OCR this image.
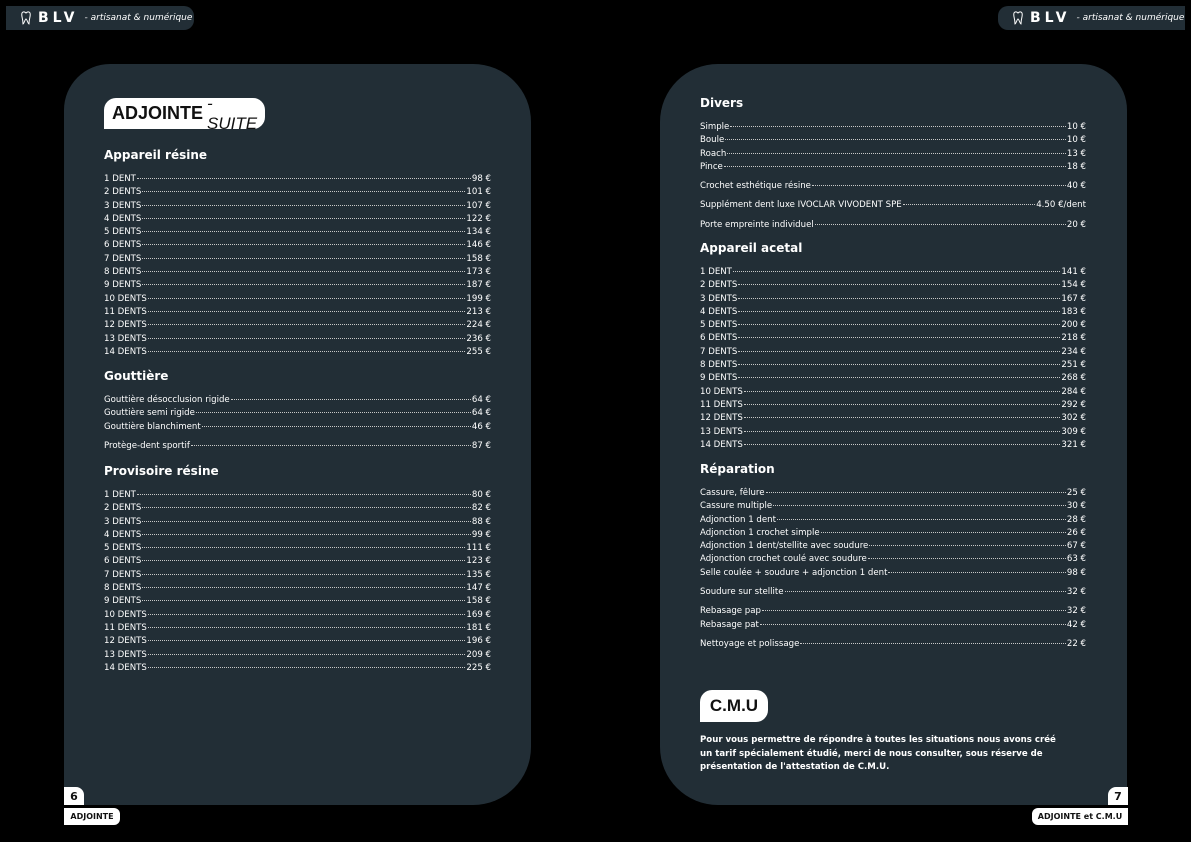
BLV - artisanat & numérique	BLV - artisanat & numérique
ADJOINTE - SUITE
Appareil résine
1 DENT	98 €
2 DENTS	101 €
3 DENTS	107 €
4 DENTS	122 €
5 DENTS	134 €
6 DENTS	146 €
7 DENTS	158 €
8 DENTS	173 €
9 DENTS	187 €
10 DENTS	199 €
11 DENTS	213 €
12 DENTS	224 €
13 DENTS	236 €
14 DENTS	255 €
Gouttière
Gouttière désocclusion rigide	64 €
Gouttière semi rigide	64 €
Gouttière blanchiment	46 €
Protège-dent sportif	87 €
Provisoire résine
1 DENT	80 €
2 DENTS	82 €
3 DENTS	88 €
4 DENTS	99 €
5 DENTS	111 €
6 DENTS	123 €
7 DENTS	135 €
8 DENTS	147 €
9 DENTS	158 €
10 DENTS	169 €
11 DENTS	181 €
12 DENTS	196 €
13 DENTS	209 €
14 DENTS	225 €
6
ADJOINTE
Divers
Simple	10 €
Boule	10 €
Roach	13 €
Pince	18 €
Crochet esthétique résine	40 €
Supplément dent luxe IVOCLAR VIVODENT SPE	4.50 €/dent
Porte empreinte individuel	20 €
Appareil acetal
1 DENT	141 €
2 DENTS	154 €
3 DENTS	167 €
4 DENTS	183 €
5 DENTS	200 €
6 DENTS	218 €
7 DENTS	234 €
8 DENTS	251 €
9 DENTS	268 €
10 DENTS	284 €
11 DENTS	292 €
12 DENTS	302 €
13 DENTS	309 €
14 DENTS	321 €
Réparation
Cassure, fêlure	25 €
Cassure multiple	30 €
Adjonction 1 dent	28 €
Adjonction 1 crochet simple	26 €
Adjonction 1 dent/stellite avec soudure	67 €
Adjonction crochet coulé avec soudure	63 €
Selle coulée + soudure + adjonction 1 dent	98 €
Soudure sur stellite	32 €
Rebasage pap	32 €
Rebasage pat	42 €
Nettoyage et polissage	22 €
C.M.U

Pour vous permettre de répondre à toutes les situations nous avons créé un tarif spécialement étudié, merci de nous consulter, sous réserve de présentation de l'attestation de C.M.U.

7
ADJOINTE et C.M.U
